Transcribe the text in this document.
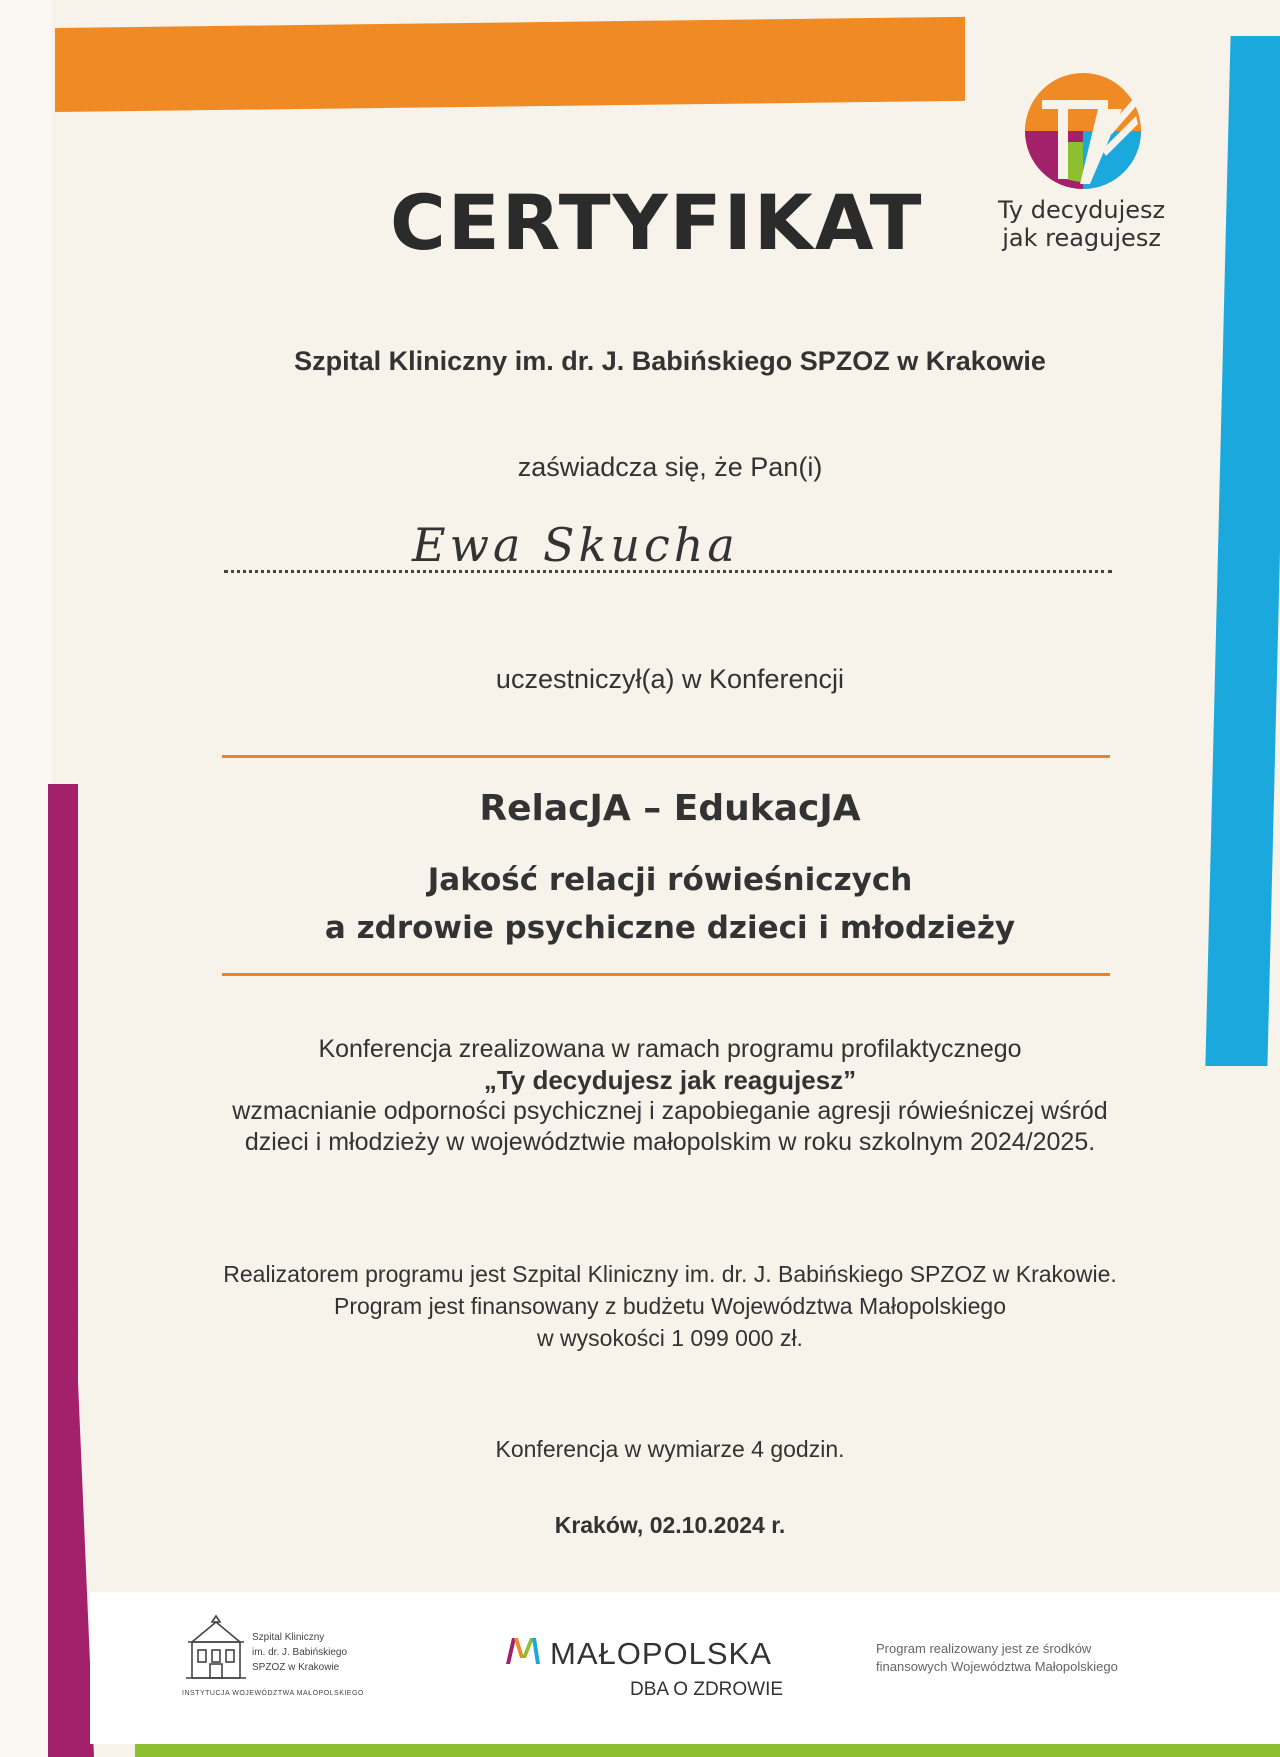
Ty decydujesz
jak reagujesz
CERTYFIKAT
Szpital Kliniczny im. dr. J. Babińskiego SPZOZ w Krakowie
zaświadcza się, że Pan(i)
Ewa Skucha
uczestniczył(a) w Konferencji
RelacJA – EdukacJA
Jakość relacji rówieśniczych
a zdrowie psychiczne dzieci i młodzieży
Konferencja zrealizowana w ramach programu profilaktycznego
„Ty decydujesz jak reagujesz”
wzmacnianie odporności psychicznej i zapobieganie agresji rówieśniczej wśród
dzieci i młodzieży w województwie małopolskim w roku szkolnym 2024/2025.
Realizatorem programu jest Szpital Kliniczny im. dr. J. Babińskiego SPZOZ w Krakowie.
Program jest finansowany z budżetu Województwa Małopolskiego
w wysokości 1 099 000 zł.
Konferencja w wymiarze 4 godzin.
Kraków, 02.10.2024 r.
Szpital Kliniczny
im. dr. J. Babińskiego
SPZOZ w Krakowie
INSTYTUCJA WOJEWÓDZTWA MAŁOPOLSKIEGO
MAŁOPOLSKA
DBA O ZDROWIE
Program realizowany jest ze środków
finansowych Województwa Małopolskiego
